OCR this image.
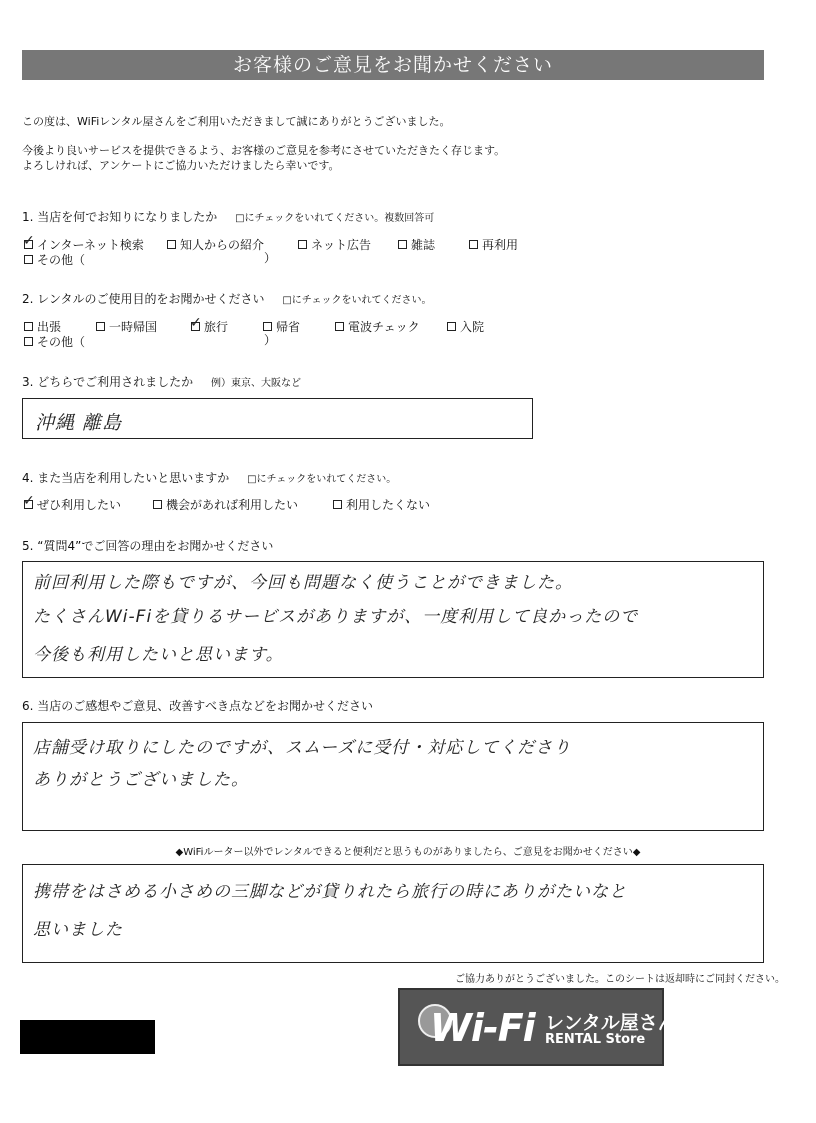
お客様のご意見をお聞かせください
この度は、WiFiレンタル屋さんをご利用いただきまして誠にありがとうございました。
今後より良いサービスを提供できるよう、お客様のご意見を参考にさせていただきたく存じます。
よろしければ、アンケートにご協力いただけましたら幸いです。
1. 当店を何でお知りになりましたか □にチェックをいれてください。複数回答可
✓
インターネット検索	知人からの紹介	ネット広告	雑誌	再利用
その他（	）
2. レンタルのご使用目的をお聞かせください □にチェックをいれてください。
出張	一時帰国
✓	旅行	帰省	電波チェック	入院
その他（	）
3. どちらでご利用されましたか 例）東京、大阪など
沖縄 離島
4. また当店を利用したいと思いますか □にチェックをいれてください。
✓
ぜひ利用したい	機会があれば利用したい	利用したくない
5. “質問4”でご回答の理由をお聞かせください
前回利用した際もですが、今回も問題なく使うことができました。
たくさんWi-Fiを貸りるサービスがありますが、一度利用して良かったので
今後も利用したいと思います。
6. 当店のご感想やご意見、改善すべき点などをお聞かせください
店舗受け取りにしたのですが、スムーズに受付・対応してくださり
ありがとうございました。
◆WiFiルーター以外でレンタルできると便利だと思うものがありましたら、ご意見をお聞かせください◆
携帯をはさめる小さめの三脚などが貸りれたら旅行の時にありがたいなと
思いました
ご協力ありがとうございました。このシートは返却時にご同封ください。
Wi-Fi レンタル屋さん
RENTAL Store
